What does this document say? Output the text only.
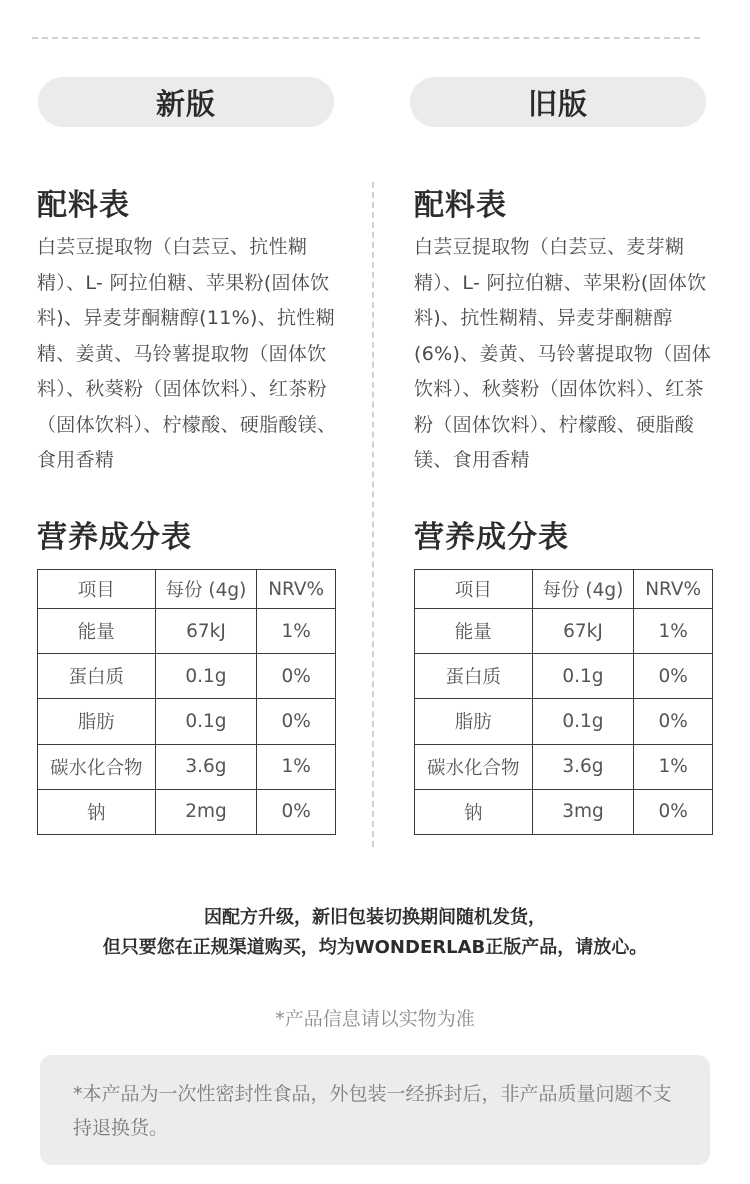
新版	旧版
配料表
白芸豆提取物（白芸豆、抗性糊精）、L- 阿拉伯糖、苹果粉(固体饮料)、异麦芽酮糖醇(11%)、抗性糊精、姜黄、马铃薯提取物（固体饮料）、秋葵粉（固体饮料）、红茶粉（固体饮料）、柠檬酸、硬脂酸镁、食用香精
营养成分表
项目	每份 (4g)	NRV%
能量	67kJ	1%
蛋白质	0.1g	0%
脂肪	0.1g	0%
碳水化合物	3.6g	1%
钠	2mg	0%
配料表
白芸豆提取物（白芸豆、麦芽糊精）、L- 阿拉伯糖、苹果粉(固体饮料)、抗性糊精、异麦芽酮糖醇(6%)、姜黄、马铃薯提取物（固体饮料）、秋葵粉（固体饮料）、红茶粉（固体饮料）、柠檬酸、硬脂酸镁、食用香精
营养成分表
项目	每份 (4g)	NRV%
能量	67kJ	1%
蛋白质	0.1g	0%
脂肪	0.1g	0%
碳水化合物	3.6g	1%
钠	3mg	0%
因配方升级，新旧包装切换期间随机发货，
但只要您在正规渠道购买，均为WONDERLAB正版产品，请放心。
*产品信息请以实物为准
*本产品为一次性密封性食品，外包装一经拆封后，非产品质量问题不支持退换货。
